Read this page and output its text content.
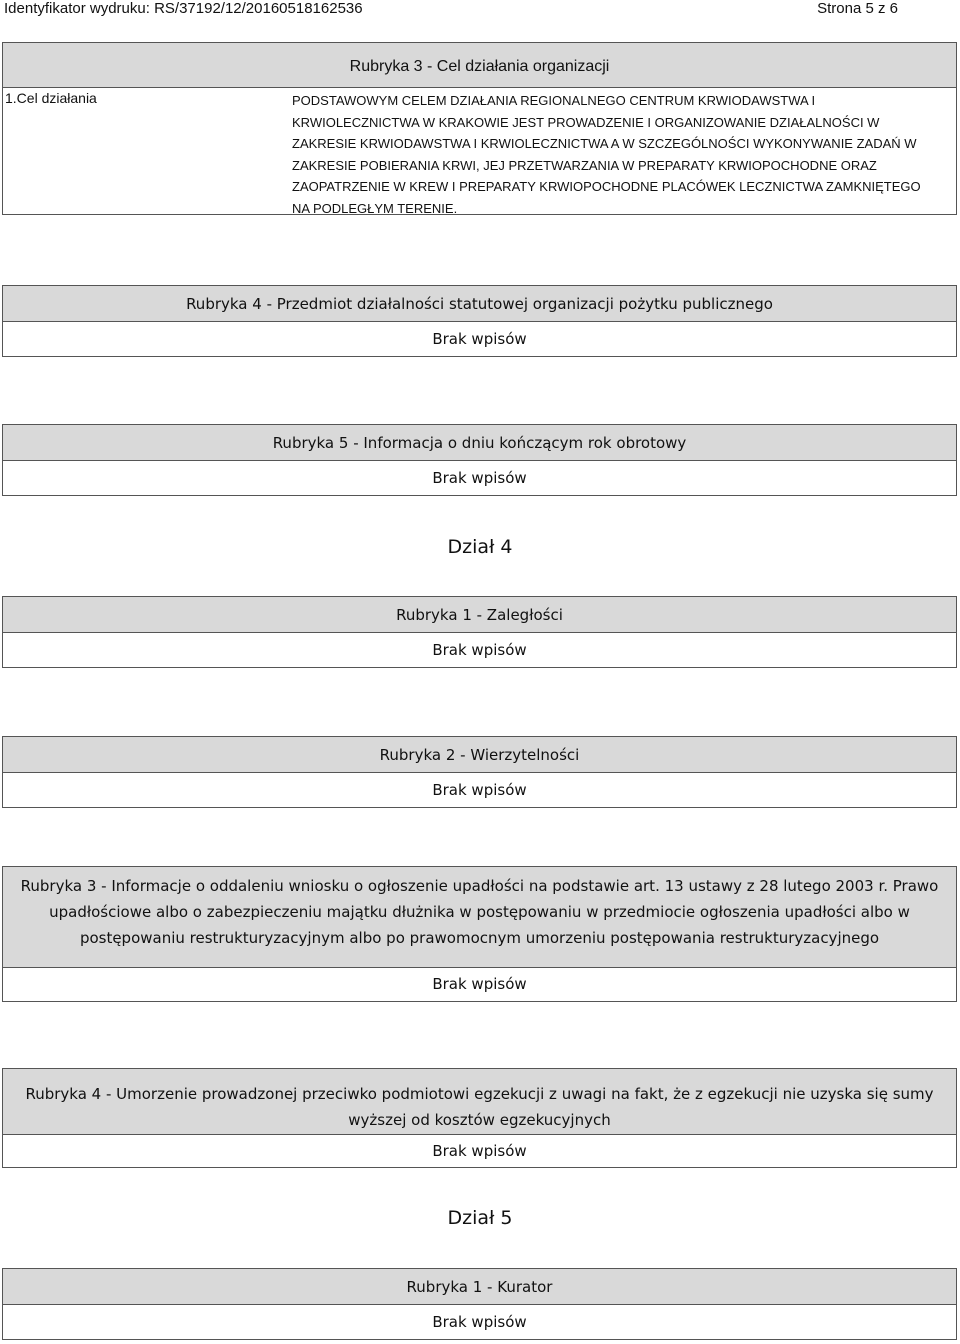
Identyfikator wydruku: RS/37192/12/20160518162536	Strona 5 z 6
Rubryka 3 - Cel działania organizacji
1.Cel działania	PODSTAWOWYM CELEM DZIAŁANIA REGIONALNEGO CENTRUM KRWIODAWSTWA I KRWIOLECZNICTWA W KRAKOWIE JEST PROWADZENIE I ORGANIZOWANIE DZIAŁALNOŚCI W ZAKRESIE KRWIODAWSTWA I KRWIOLECZNICTWA A W SZCZEGÓLNOŚCI WYKONYWANIE ZADAŃ W ZAKRESIE POBIERANIA KRWI, JEJ PRZETWARZANIA W PREPARATY KRWIOPOCHODNE ORAZ ZAOPATRZENIE W KREW I PREPARATY KRWIOPOCHODNE PLACÓWEK LECZNICTWA ZAMKNIĘTEGO NA PODLEGŁYM TERENIE.
Rubryka 4 - Przedmiot działalności statutowej organizacji pożytku publicznego
Brak wpisów
Rubryka 5 - Informacja o dniu kończącym rok obrotowy
Brak wpisów
Dział 4
Rubryka 1 - Zaległości
Brak wpisów
Rubryka 2 - Wierzytelności
Brak wpisów
Rubryka 3 - Informacje o oddaleniu wniosku o ogłoszenie upadłości na podstawie art. 13 ustawy z 28 lutego 2003 r. Prawo upadłościowe albo o zabezpieczeniu majątku dłużnika w postępowaniu w przedmiocie ogłoszenia upadłości albo w postępowaniu restrukturyzacyjnym albo po prawomocnym umorzeniu postępowania restrukturyzacyjnego
Brak wpisów
Rubryka 4 - Umorzenie prowadzonej przeciwko podmiotowi egzekucji z uwagi na fakt, że z egzekucji nie uzyska się sumy wyższej od kosztów egzekucyjnych
Brak wpisów
Dział 5
Rubryka 1 - Kurator
Brak wpisów
